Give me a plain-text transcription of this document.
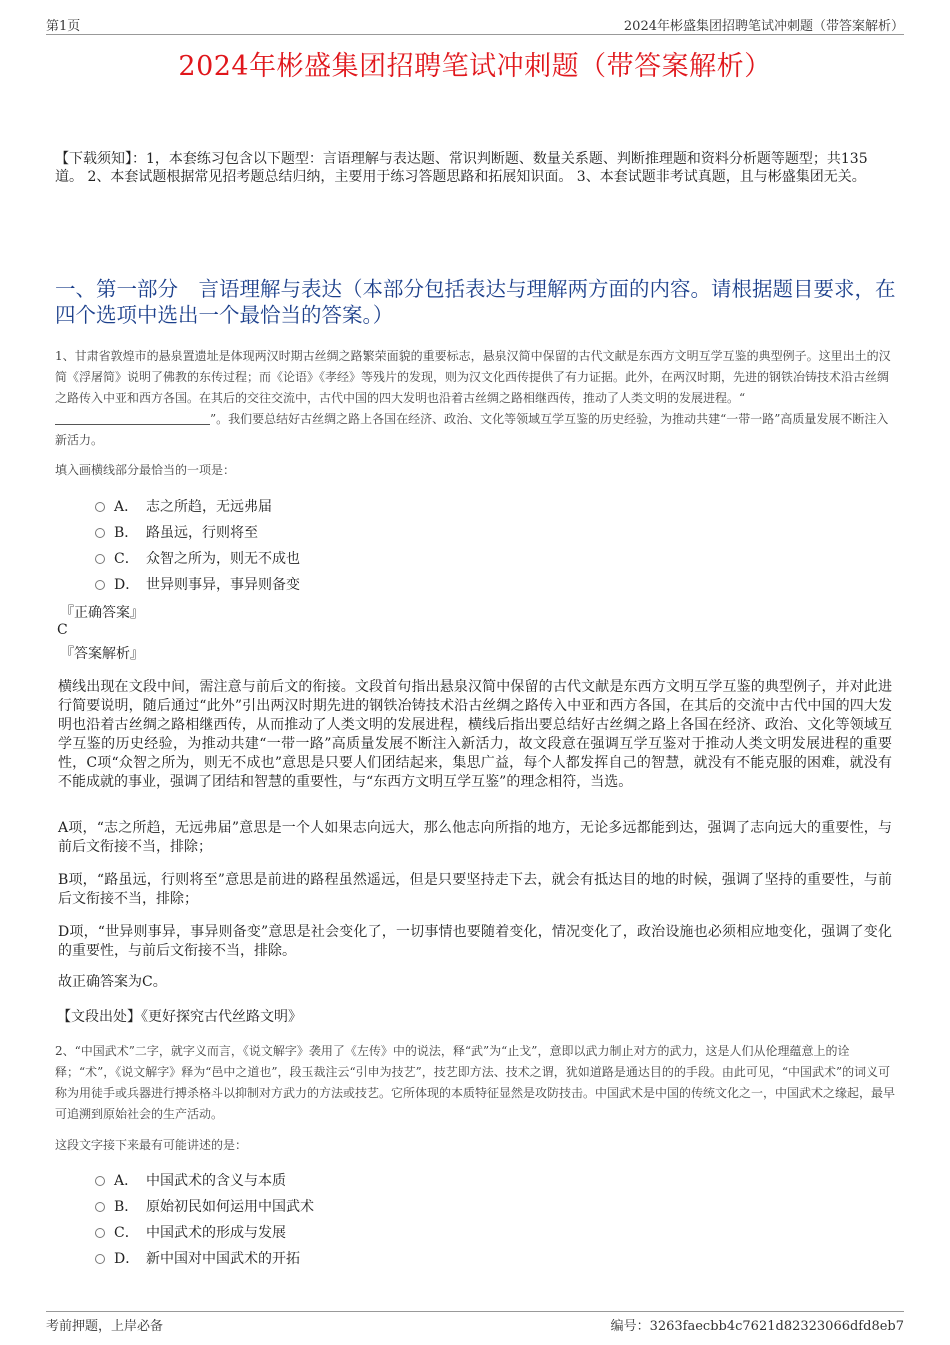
第1页	2024年彬盛集团招聘笔试冲刺题（带答案解析）
2024年彬盛集团招聘笔试冲刺题（带答案解析）
【下载须知】：1，本套练习包含以下题型：言语理解与表达题、常识判断题、数量关系题、判断推理题和资料分析题等题型；共135道。 2、本套试题根据常见招考题总结归纳，主要用于练习答题思路和拓展知识面。 3、本套试题非考试真题，且与彬盛集团无关。
一、第一部分　言语理解与表达（本部分包括表达与理解两方面的内容。请根据题目要求，在四个选项中选出一个最恰当的答案。）
1、甘肃省敦煌市的悬泉置遗址是体现两汉时期古丝绸之路繁荣面貌的重要标志，悬泉汉简中保留的古代文献是东西方文明互学互鉴的典型例子。这里出土的汉简《浮屠简》说明了佛教的东传过程；而《论语》《孝经》等残片的发现，则为汉文化西传提供了有力证据。此外，在两汉时期，先进的钢铁冶铸技术沿古丝绸之路传入中亚和西方各国。在其后的交往交流中，古代中国的四大发明也沿着古丝绸之路相继西传，推动了人类文明的发展进程。“”。我们要总结好古丝绸之路上各国在经济、政治、文化等领域互学互鉴的历史经验，为推动共建“一带一路”高质量发展不断注入新活力。
填入画横线部分最恰当的一项是：
A． 志之所趋，无远弗届
B． 路虽远，行则将至
C． 众智之所为，则无不成也
D． 世异则事异，事异则备变
『正确答案』
C
『答案解析』
横线出现在文段中间，需注意与前后文的衔接。文段首句指出悬泉汉简中保留的古代文献是东西方文明互学互鉴的典型例子，并对此进行简要说明，随后通过“此外”引出两汉时期先进的钢铁冶铸技术沿古丝绸之路传入中亚和西方各国，在其后的交流中古代中国的四大发明也沿着古丝绸之路相继西传，从而推动了人类文明的发展进程，横线后指出要总结好古丝绸之路上各国在经济、政治、文化等领域互学互鉴的历史经验，为推动共建“一带一路”高质量发展不断注入新活力，故文段意在强调互学互鉴对于推动人类文明发展进程的重要性，C项“众智之所为，则无不成也”意思是只要人们团结起来，集思广益，每个人都发挥自己的智慧，就没有不能克服的困难，就没有不能成就的事业，强调了团结和智慧的重要性，与“东西方文明互学互鉴”的理念相符，当选。
A项，“志之所趋，无远弗届”意思是一个人如果志向远大，那么他志向所指的地方，无论多远都能到达，强调了志向远大的重要性，与前后文衔接不当，排除；
B项，“路虽远，行则将至”意思是前进的路程虽然遥远，但是只要坚持走下去，就会有抵达目的地的时候，强调了坚持的重要性，与前后文衔接不当，排除；
D项，“世异则事异，事异则备变”意思是社会变化了，一切事情也要随着变化，情况变化了，政治设施也必须相应地变化，强调了变化的重要性，与前后文衔接不当，排除。
故正确答案为C。
【文段出处】《更好探究古代丝路文明》
2、“中国武术”二字，就字义而言，《说文解字》袭用了《左传》中的说法，释“武”为“止戈”，意即以武力制止对方的武力，这是人们从伦理蕴意上的诠释；“术”，《说文解字》释为“邑中之道也”，段玉裁注云“引申为技艺”，技艺即方法、技术之谓，犹如道路是通达目的的手段。由此可见，“中国武术”的词义可称为用徒手或兵器进行搏杀格斗以抑制对方武力的方法或技艺。它所体现的本质特征显然是攻防技击。中国武术是中国的传统文化之一，中国武术之缘起，最早可追溯到原始社会的生产活动。
这段文字接下来最有可能讲述的是：
A． 中国武术的含义与本质
B． 原始初民如何运用中国武术
C． 中国武术的形成与发展
D． 新中国对中国武术的开拓
考前押题，上岸必备	编号：3263faecbb4c7621d82323066dfd8eb7
